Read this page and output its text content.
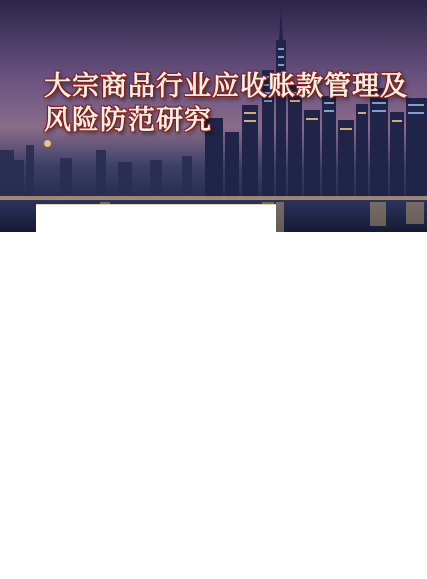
大宗商品行业应收账款管理及
风险防范研究
